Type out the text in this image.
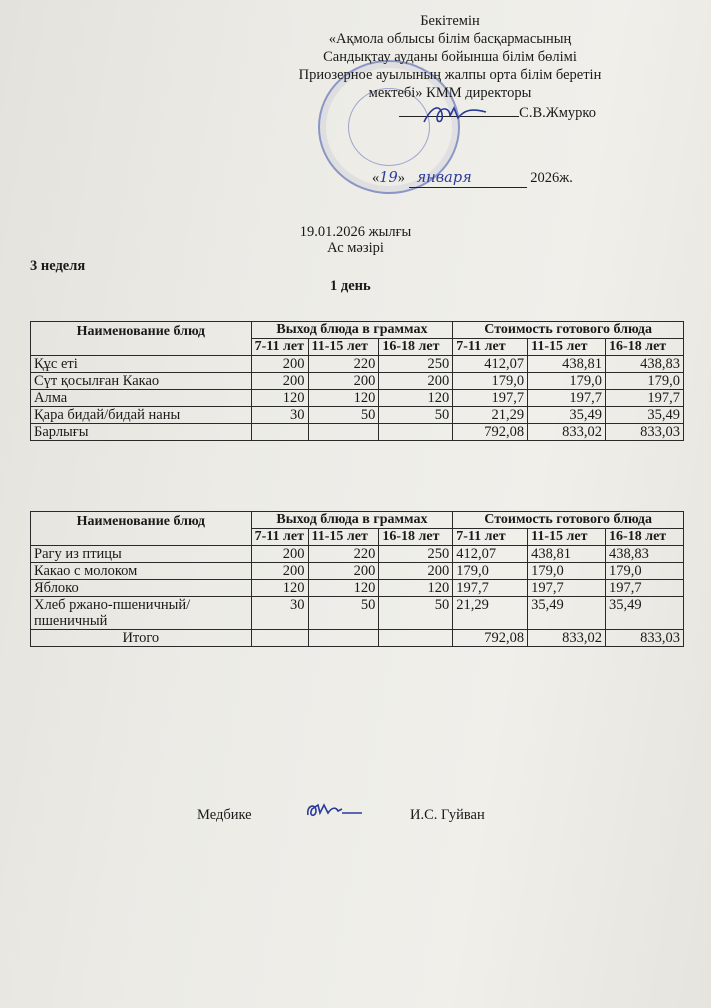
Бекітемін
«Ақмола облысы білім басқармасының
Сандықтау ауданы бойынша білім бөлімі
Приозерное ауылының жалпы орта білім беретін
мектебі» КММ директоры
С.В.Жмурко
«19» января	2026ж.
19.01.2026 жылғы
Ас мәзірі
3 неделя
1 день
Наименование блюд	Выход блюда в граммах			Стоимость готового блюда		
	7-11 лет	11-15 лет	16-18 лет	7-11 лет	11-15 лет	16-18 лет
Құс еті	200	220	250	412,07	438,81	438,83
Сүт қосылған Какао	200	200	200	179,0	179,0	179,0
Алма	120	120	120	197,7	197,7	197,7
Қара бидай/бидай наны	30	50	50	21,29	35,49	35,49
Барлығы				792,08	833,02	833,03
Наименование блюд	Выход блюда в граммах			Стоимость готового блюда		
	7-11 лет	11-15 лет	16-18 лет	7-11 лет	11-15 лет	16-18 лет
Рагу из птицы	200	220	250	412,07	438,81	438,83
Какао с молоком	200	200	200	179,0	179,0	179,0
Яблоко	120	120	120	197,7	197,7	197,7
Хлеб ржано-пшеничный/пшеничный	30	50	50	21,29	35,49	35,49
Итого				792,08	833,02	833,03
Медбике	И.С. Гуйван
